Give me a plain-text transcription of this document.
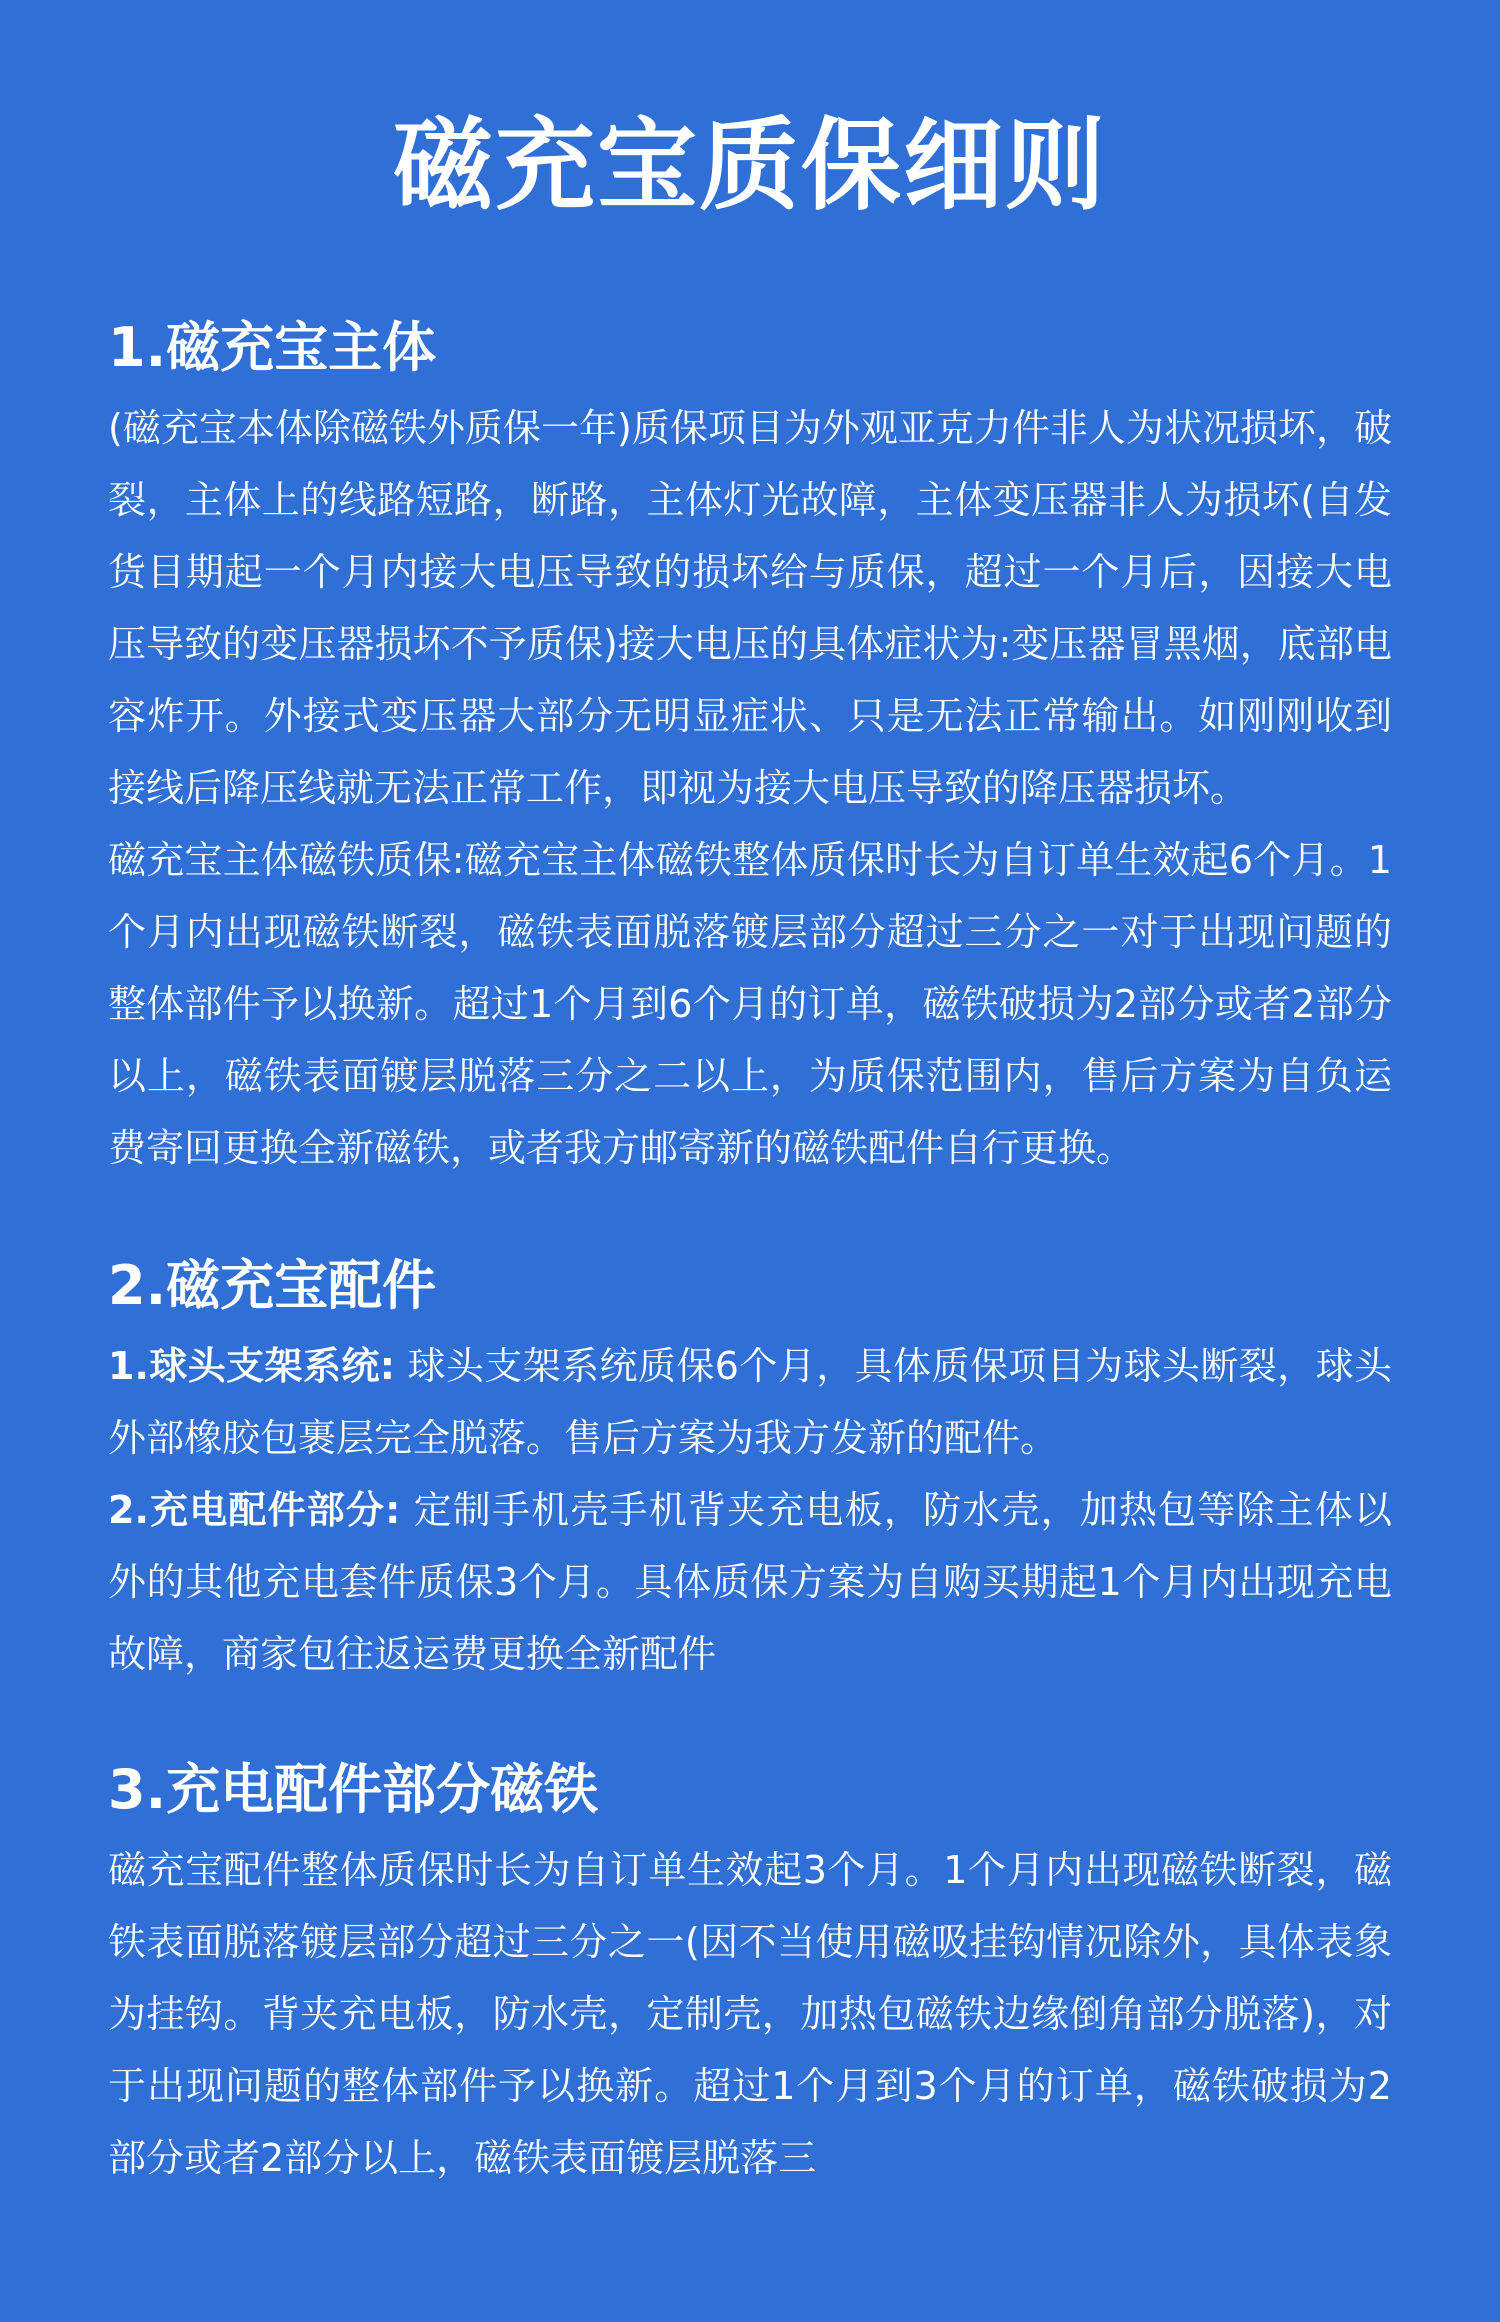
磁充宝质保细则
1.磁充宝主体

(磁充宝本体除磁铁外质保一年)质保项目为外观亚克力件非人为状况损坏，破裂，主体上的线路短路，断路，主体灯光故障，主体变压器非人为损坏(自发货目期起一个月内接大电压导致的损坏给与质保，超过一个月后，因接大电压导致的变压器损坏不予质保)接大电压的具体症状为:变压器冒黑烟，底部电容炸开。外接式变压器大部分无明显症状、只是无法正常输出。如刚刚收到接线后降压线就无法正常工作，即视为接大电压导致的降压器损坏。

磁充宝主体磁铁质保:磁充宝主体磁铁整体质保时长为自订单生效起6个月。1个月内出现磁铁断裂，磁铁表面脱落镀层部分超过三分之一对于出现问题的整体部件予以换新。超过1个月到6个月的订单，磁铁破损为2部分或者2部分以上，磁铁表面镀层脱落三分之二以上，为质保范围内，售后方案为自负运费寄回更换全新磁铁，或者我方邮寄新的磁铁配件自行更换。

2.磁充宝配件

1.球头支架系统: 球头支架系统质保6个月，具体质保项目为球头断裂，球头外部橡胶包裹层完全脱落。售后方案为我方发新的配件。

2.充电配件部分: 定制手机壳手机背夹充电板，防水壳，加热包等除主体以外的其他充电套件质保3个月。具体质保方案为自购买期起1个月内出现充电故障，商家包往返运费更换全新配件

3.充电配件部分磁铁

磁充宝配件整体质保时长为自订单生效起3个月。1个月内出现磁铁断裂，磁铁表面脱落镀层部分超过三分之一(因不当使用磁吸挂钩情况除外，具体表象为挂钩。背夹充电板，防水壳，定制壳，加热包磁铁边缘倒角部分脱落)，对于出现问题的整体部件予以换新。超过1个月到3个月的订单，磁铁破损为2部分或者2部分以上，磁铁表面镀层脱落三
